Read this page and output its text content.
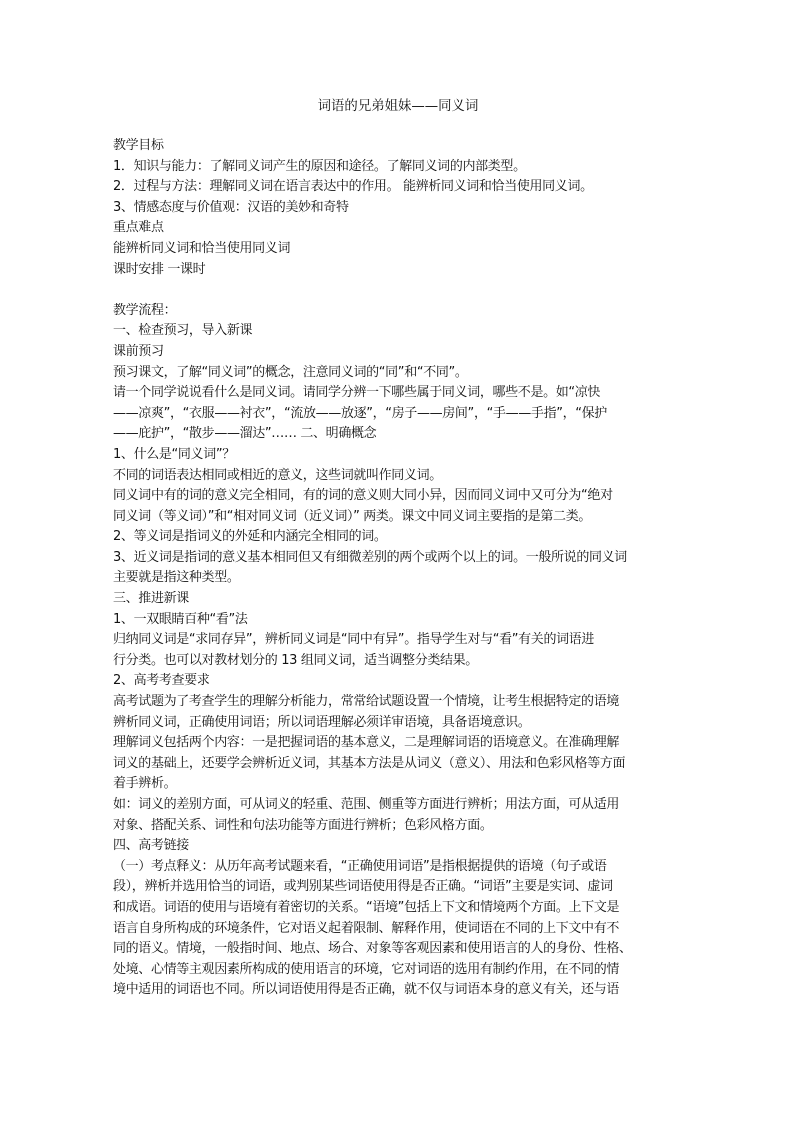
词语的兄弟姐妹——同义词
教学目标
1．知识与能力：了解同义词产生的原因和途径。了解同义词的内部类型。
2．过程与方法：理解同义词在语言表达中的作用。 能辨析同义词和恰当使用同义词。
3、情感态度与价值观：汉语的美妙和奇特
重点难点
能辨析同义词和恰当使用同义词
课时安排 一课时
教学流程：
一、检查预习，导入新课
课前预习
预习课文，了解“同义词”的概念，注意同义词的“同”和“不同”。
请一个同学说说看什么是同义词。请同学分辨一下哪些属于同义词，哪些不是。如“凉快
——凉爽”，“衣服——衬衣”，“流放——放逐”，“房子——房间”，“手——手指”，“保护
——庇护”，“散步——溜达”…… 二、明确概念
1、什么是“同义词”？
不同的词语表达相同或相近的意义，这些词就叫作同义词。
同义词中有的词的意义完全相同，有的词的意义则大同小异，因而同义词中又可分为“绝对
同义词（等义词）”和“相对同义词（近义词）” 两类。课文中同义词主要指的是第二类。
2、等义词是指词义的外延和内涵完全相同的词。
3、近义词是指词的意义基本相同但又有细微差别的两个或两个以上的词。一般所说的同义词
主要就是指这种类型。
三、推进新课
1、一双眼睛百种“看”法
归纳同义词是“求同存异”，辨析同义词是“同中有异”。指导学生对与“看”有关的词语进
行分类。也可以对教材划分的 13 组同义词，适当调整分类结果。
2、高考考查要求
高考试题为了考查学生的理解分析能力，常常给试题设置一个情境，让考生根据特定的语境
辨析同义词，正确使用词语；所以词语理解必须详审语境，具备语境意识。
理解词义包括两个内容：一是把握词语的基本意义，二是理解词语的语境意义。在准确理解
词义的基础上，还要学会辨析近义词，其基本方法是从词义（意义）、用法和色彩风格等方面
着手辨析。
如：词义的差别方面，可从词义的轻重、范围、侧重等方面进行辨析；用法方面，可从适用
对象、搭配关系、词性和句法功能等方面进行辨析；色彩风格方面。
四、高考链接
（一）考点释义：从历年高考试题来看，“正确使用词语”是指根据提供的语境（句子或语
段），辨析并选用恰当的词语，或判别某些词语使用得是否正确。“词语”主要是实词、虚词
和成语。词语的使用与语境有着密切的关系。“语境”包括上下文和情境两个方面。上下文是
语言自身所构成的环境条件，它对语义起着限制、解释作用，使词语在不同的上下文中有不
同的语义。情境，一般指时间、地点、场合、对象等客观因素和使用语言的人的身份、性格、
处境、心情等主观因素所构成的使用语言的环境，它对词语的选用有制约作用，在不同的情
境中适用的词语也不同。所以词语使用得是否正确，就不仅与词语本身的意义有关，还与语
